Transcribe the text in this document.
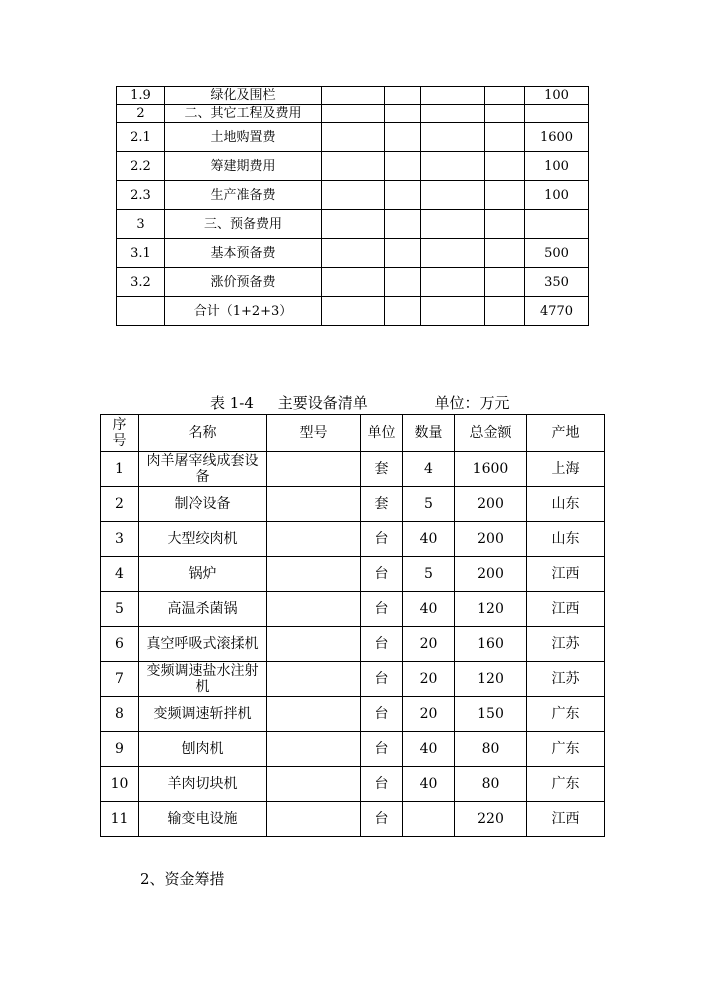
1.9	绿化及围栏					100
2	二、其它工程及费用					
2.1	土地购置费					1600
2.2	筹建期费用					100
2.3	生产准备费					100
3	三、预备费用					
3.1	基本预备费					500
3.2	涨价预备费					350
	合计（1+2+3）					4770
表 1-4     主要设备清单              单位：万元
序号	名称	型号	单位	数量	总金额	产地
1	肉羊屠宰线成套设备		套	4	1600	上海
2	制冷设备		套	5	200	山东
3	大型绞肉机		台	40	200	山东
4	锅炉		台	5	200	江西
5	高温杀菌锅		台	40	120	江西
6	真空呼吸式滚揉机		台	20	160	江苏
7	变频调速盐水注射机		台	20	120	江苏
8	变频调速斩拌机		台	20	150	广东
9	刨肉机		台	40	80	广东
10	羊肉切块机		台	40	80	广东
11	输变电设施		台		220	江西
2、资金筹措
